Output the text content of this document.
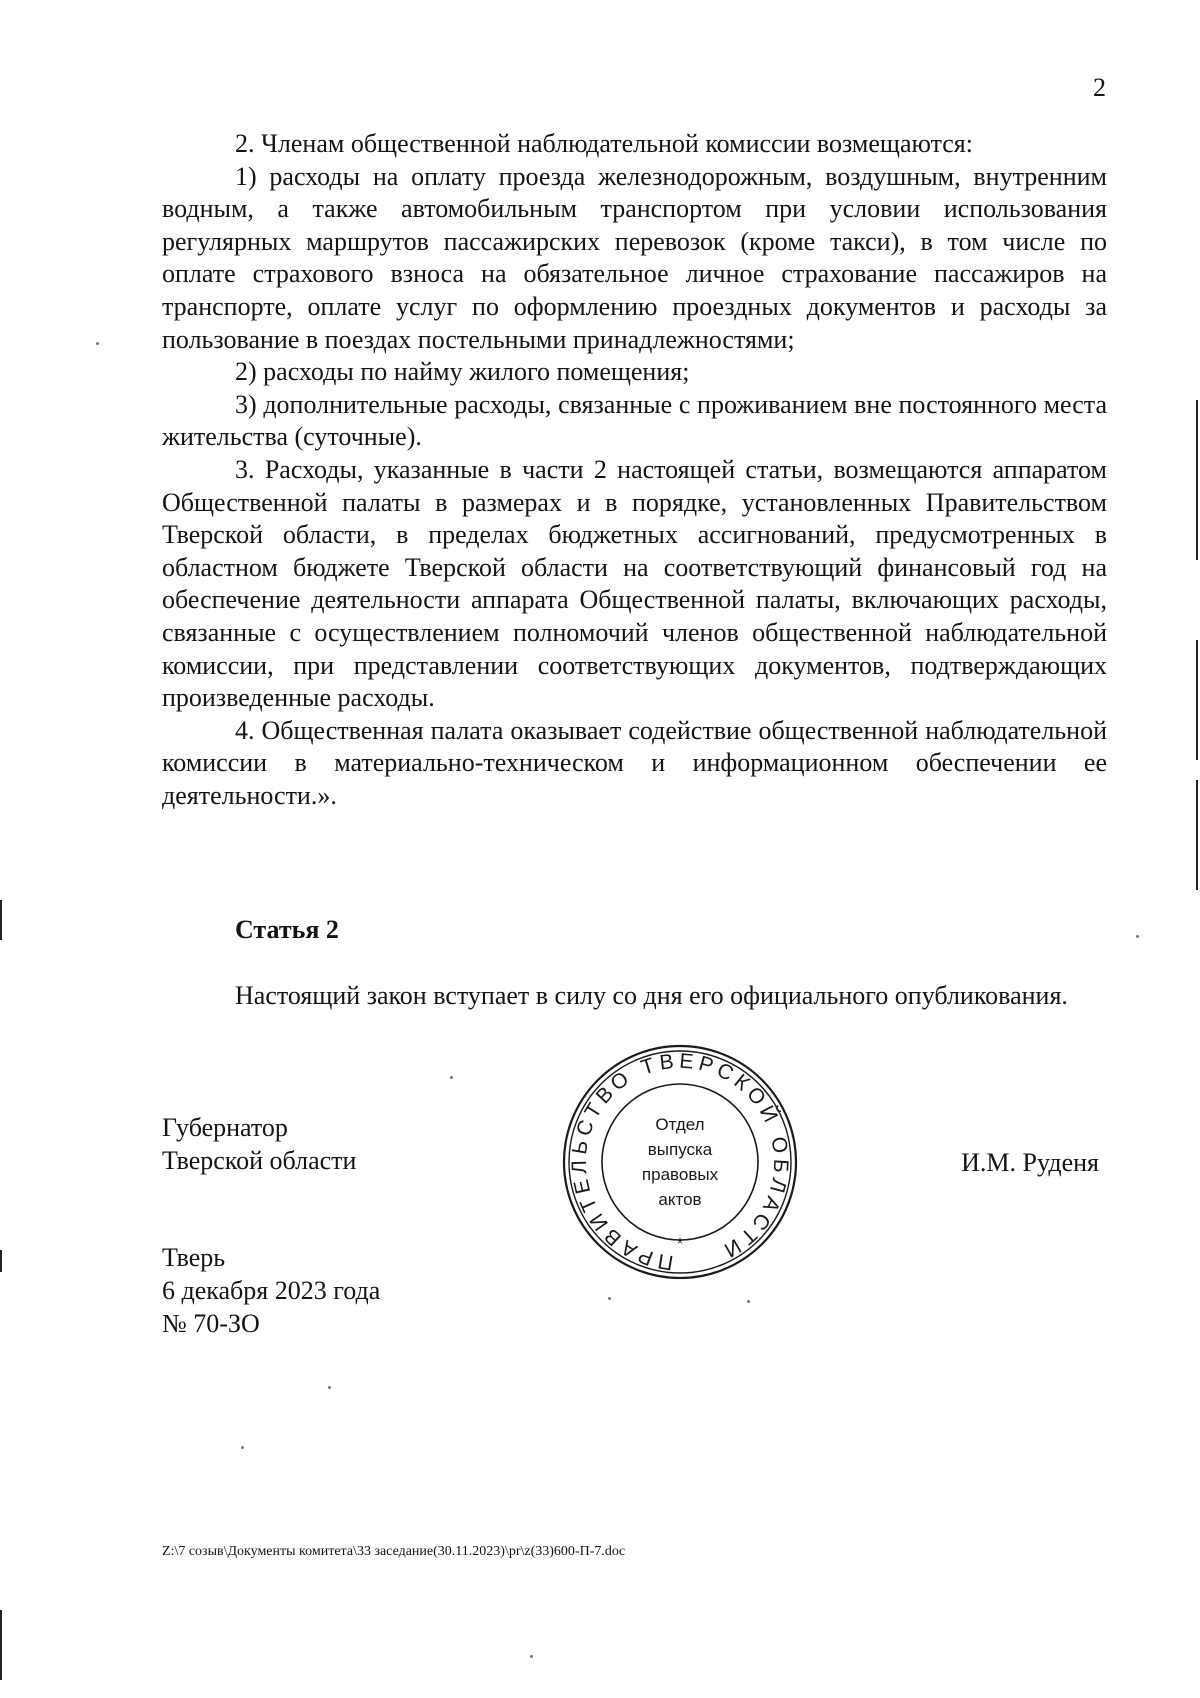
2

2. Членам общественной наблюдательной комиссии возмещаются:

1) расходы на оплату проезда железнодорожным, воздушным, внутренним водным, а также автомобильным транспортом при условии использования регулярных маршрутов пассажирских перевозок (кроме такси), в том числе по оплате страхового взноса на обязательное личное страхование пассажиров на транспорте, оплате услуг по оформлению проездных документов и расходы за пользование в поездах постельными принадлежностями;

2) расходы по найму жилого помещения;

3) дополнительные расходы, связанные с проживанием вне постоянного места жительства (суточные).

3. Расходы, указанные в части 2 настоящей статьи, возмещаются аппаратом Общественной палаты в размерах и в порядке, установленных Правительством Тверской области, в пределах бюджетных ассигнований, предусмотренных в областном бюджете Тверской области на соответствующий финансовый год на обеспечение деятельности аппарата Общественной палаты, включающих расходы, связанные с осуществлением полномочий членов общественной наблюдательной комиссии, при представлении соответствующих документов, подтверждающих произведенные расходы.

4. Общественная палата оказывает содействие общественной наблюдательной комиссии в материально-техническом и информационном обеспечении ее деятельности.».

Статья 2

Настоящий закон вступает в силу со дня его официального опубликования.

Губернатор
Тверской области	И.М. Руденя
ПРАВИТЕЛЬСТВО ТВЕРСКОЙ ОБЛАСТИ
*
Отдел
выпуска
правовых
актов
Тверь
6 декабря 2023 года
№ 70-ЗО
Z:\7 созыв\Документы комитета\33 заседание(30.11.2023)\pr\z(33)600-П-7.doc
